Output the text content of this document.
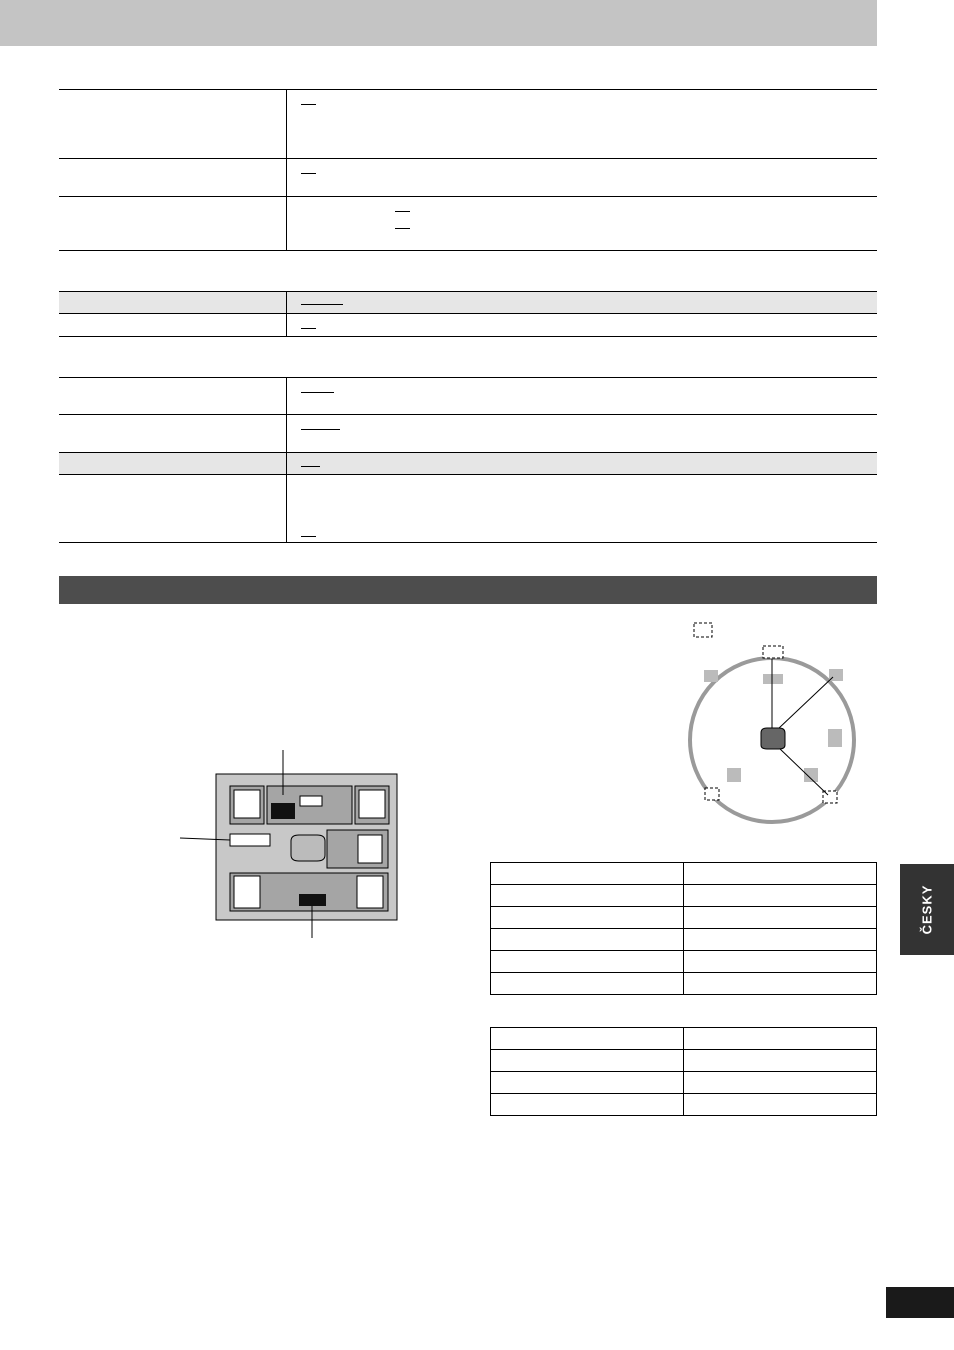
ČESKY
